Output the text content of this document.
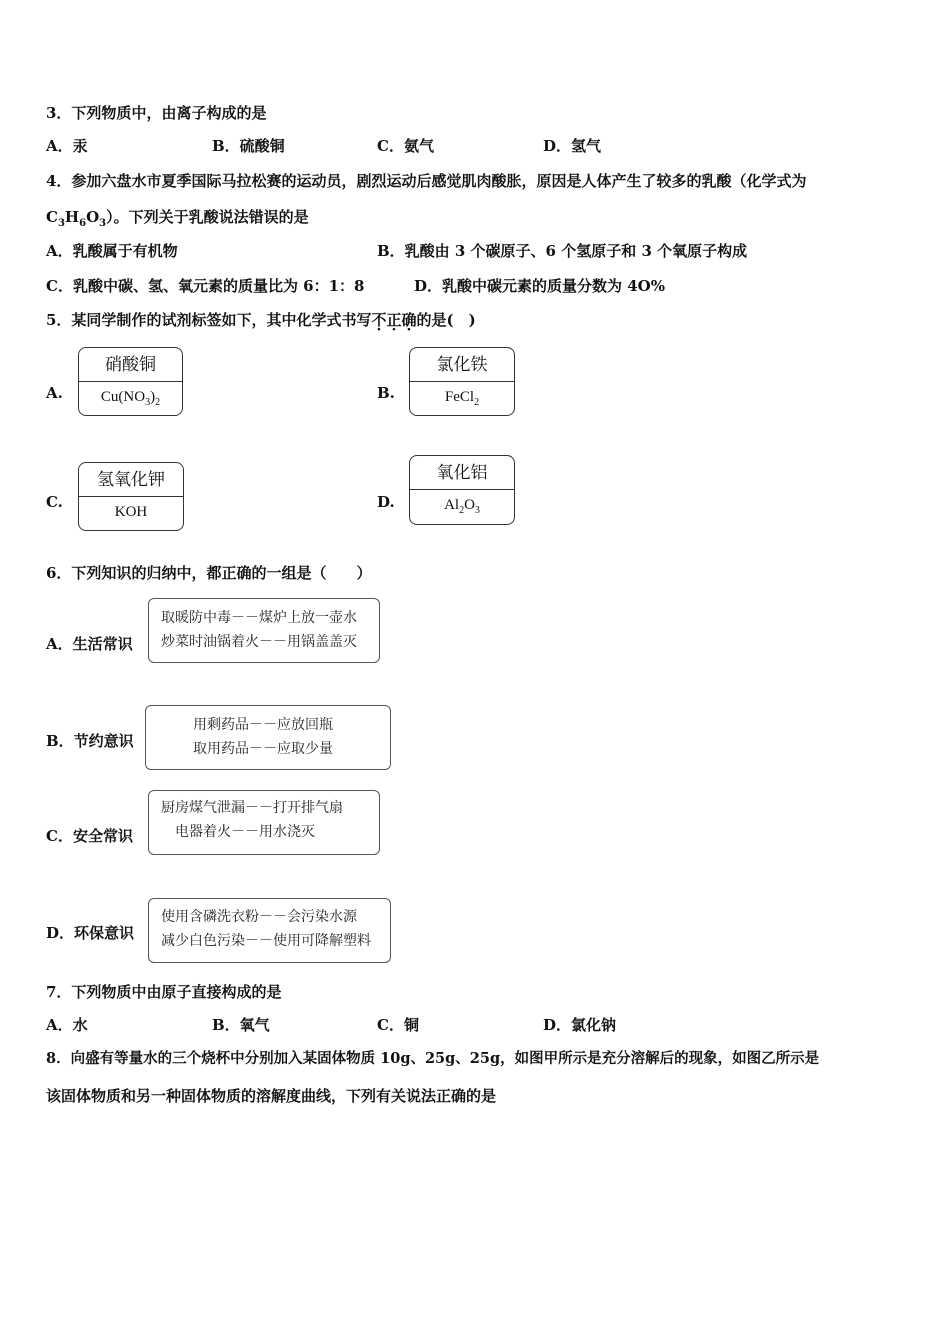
3．下列物质中，由离子构成的是
A．汞	B．硫酸铜	C．氨气	D．氢气
4．参加六盘水市夏季国际马拉松赛的运动员，剧烈运动后感觉肌肉酸胀，原因是人体产生了较多的乳酸（化学式为
$C_3H_6O_3$）。下列关于乳酸说法错误的是
A．乳酸属于有机物	B．乳酸由 3 个碳原子、6 个氢原子和 3 个氧原子构成
C．乳酸中碳、氢、氧元素的质量比为 6：1：8	D．乳酸中碳元素的质量分数为 4O%
5．某同学制作的试剂标签如下，其中化学式书写不正确的是(　)
A.
硝酸铜
$Cu(NO_3)_2$
B.
氯化铁
FeCl$_2$
C.
氢氧化钾
KOH
D.
氧化铝
$Al_2O_3$
6．下列知识的归纳中，都正确的一组是（　　）
A．生活常识
取暖防中毒－－煤炉上放一壶水
炒菜时油锅着火－－用锅盖盖灭
B．节约意识
用剩药品－－应放回瓶
取用药品－－应取少量
C．安全常识
厨房煤气泄漏－－打开排气扇
电器着火－－用水浇灭
D．环保意识
使用含磷洗衣粉－－会污染水源
减少白色污染－－使用可降解塑料
7．下列物质中由原子直接构成的是
A．水	B．氧气	C．铜	D．氯化钠
8．向盛有等量水的三个烧杯中分别加入某固体物质 10g、25g、25g，如图甲所示是充分溶解后的现象，如图乙所示是
该固体物质和另一种固体物质的溶解度曲线，下列有关说法正确的是
